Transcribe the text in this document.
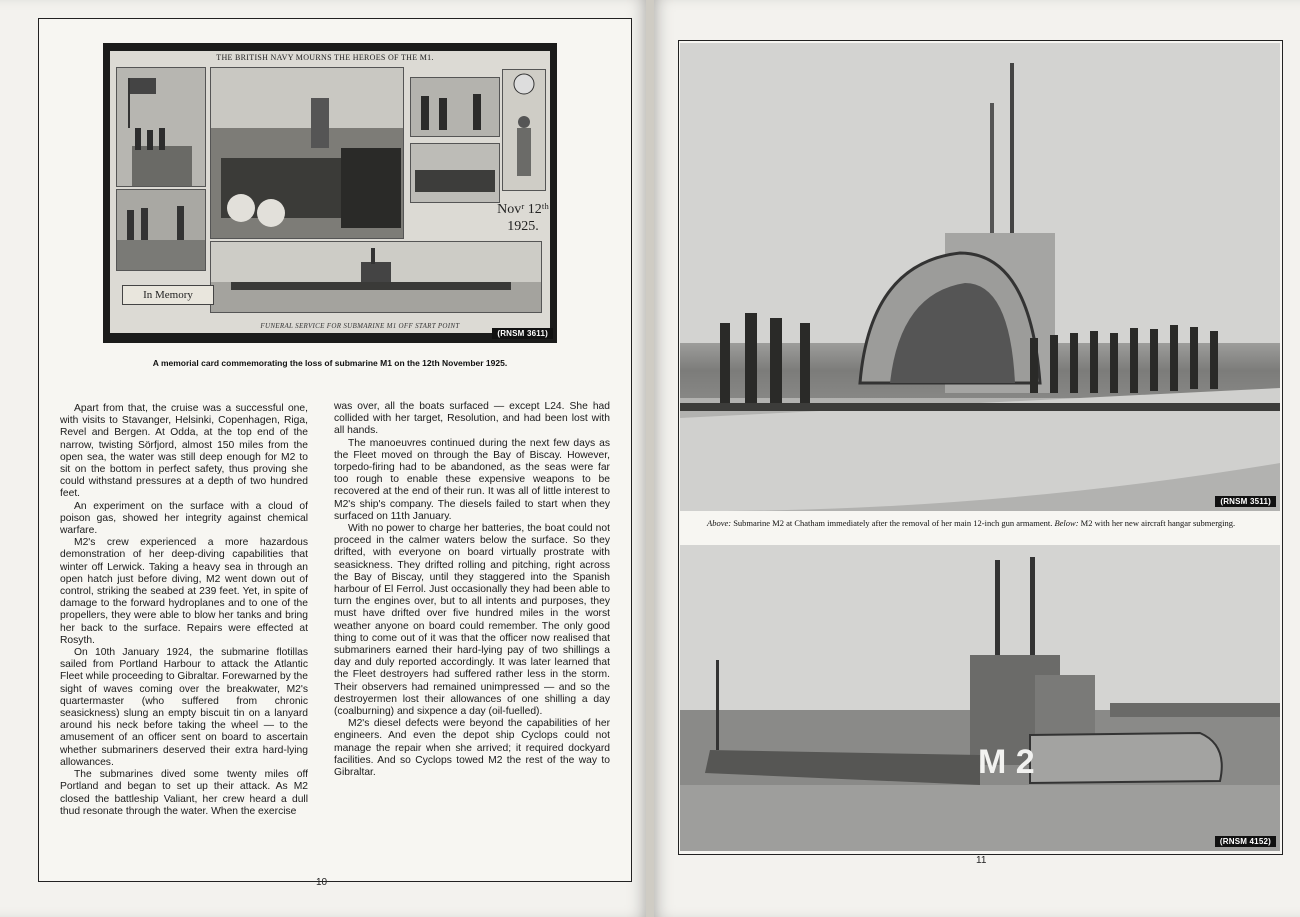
THE BRITISH NAVY MOURNS THE HEROES OF THE M1.
Novʳ 12ᵗʰ
1925.
In Memory
FUNERAL SERVICE FOR SUBMARINE M1 OFF START POINT
(RNSM 3611)
A memorial card commemorating the loss of submarine M1 on the 12th November 1925.

Apart from that, the cruise was a successful one, with visits to Stavanger, Helsinki, Copenhagen, Riga, Revel and Bergen. At Odda, at the top end of the narrow, twisting Sörfjord, almost 150 miles from the open sea, the water was still deep enough for M2 to sit on the bottom in perfect safety, thus proving she could withstand pressures at a depth of two hundred feet.

An experiment on the surface with a cloud of poison gas, showed her integrity against chemical warfare.

M2's crew experienced a more hazardous demonstration of her deep-diving capabilities that winter off Lerwick. Taking a heavy sea in through an open hatch just before diving, M2 went down out of control, striking the seabed at 239 feet. Yet, in spite of damage to the forward hydroplanes and to one of the propellers, they were able to blow her tanks and bring her back to the surface. Repairs were effected at Rosyth.

On 10th January 1924, the submarine flotillas sailed from Portland Harbour to attack the Atlantic Fleet while proceeding to Gibraltar. Forewarned by the sight of waves coming over the breakwater, M2's quartermaster (who suffered from chronic seasickness) slung an empty biscuit tin on a lanyard around his neck before taking the wheel — to the amusement of an officer sent on board to ascertain whether submariners deserved their extra hard-lying allowances.

The submarines dived some twenty miles off Portland and began to set up their attack. As M2 closed the battleship Valiant, her crew heard a dull thud resonate through the water. When the exercise

was over, all the boats surfaced — except L24. She had collided with her target, Resolution, and had been lost with all hands.

The manoeuvres continued during the next few days as the Fleet moved on through the Bay of Biscay. However, torpedo-firing had to be abandoned, as the seas were far too rough to enable these expensive weapons to be recovered at the end of their run. It was all of little interest to M2's ship's company. The diesels failed to start when they surfaced on 11th January.

With no power to charge her batteries, the boat could not proceed in the calmer waters below the surface. So they drifted, with everyone on board virtually prostrate with seasickness. They drifted rolling and pitching, right across the Bay of Biscay, until they staggered into the Spanish harbour of El Ferrol. Just occasionally they had been able to turn the engines over, but to all intents and purposes, they must have drifted over five hundred miles in the worst weather anyone on board could remember. The only good thing to come out of it was that the officer now realised that submariners earned their hard-lying pay of two shillings a day and duly reported accordingly. It was later learned that the Fleet destroyers had suffered rather less in the storm. Their observers had remained unimpressed — and so the destroyermen lost their allowances of one shilling a day (coalburning) and sixpence a day (oil-fuelled).

M2's diesel defects were beyond the capabilities of her engineers. And even the depot ship Cyclops could not manage the repair when she arrived; it required dockyard facilities. And so Cyclops towed M2 the rest of the way to Gibraltar.

10
(RNSM 3511)
Above: Submarine M2 at Chatham immediately after the removal of her main 12-inch gun armament. Below: M2 with her new aircraft hangar submerging.
M 2
(RNSM 4152)
11
